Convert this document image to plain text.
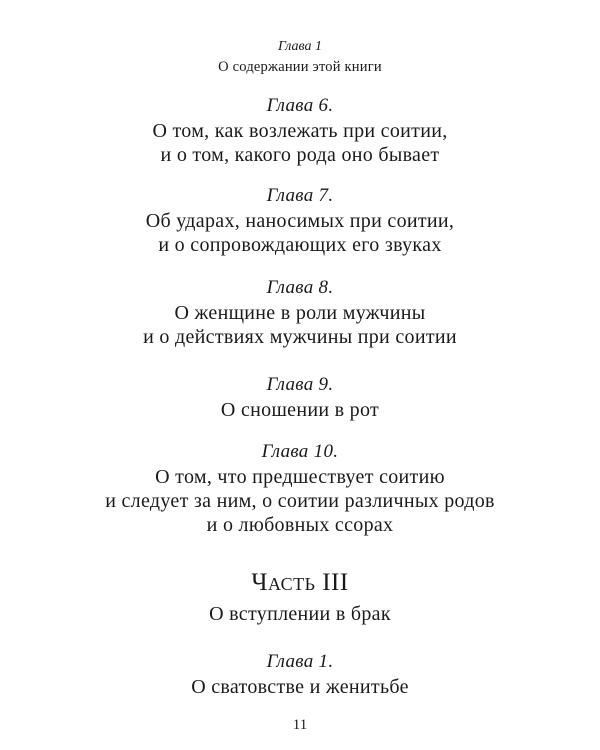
Глава 1
О содержании этой книги
Глава 6.
О том, как возлежать при соитии,
и о том, какого рода оно бывает
Глава 7.
Об ударах, наносимых при соитии,
и о сопровождающих его звуках
Глава 8.
О женщине в роли мужчины
и о действиях мужчины при соитии
Глава 9.
О сношении в рот
Глава 10.
О том, что предшествует соитию
и следует за ним, о соитии различных родов
и о любовных ссорах
Часть III
О вступлении в брак
Глава 1.
О сватовстве и женитьбе
11
